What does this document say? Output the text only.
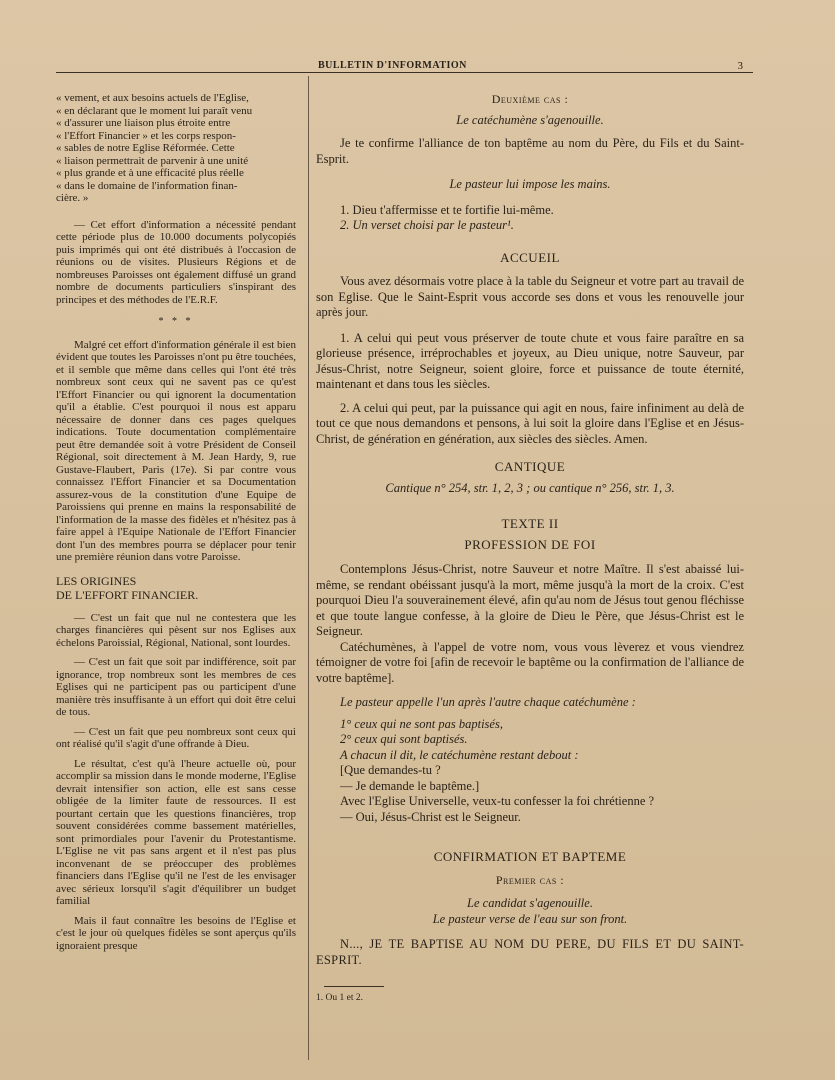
BULLETIN D'INFORMATION	3

« vement, et aux besoins actuels de l'Eglise,

« en déclarant que le moment lui paraît venu

« d'assurer une liaison plus étroite entre

« l'Effort Financier » et les corps respon-

« sables de notre Eglise Réformée. Cette

« liaison permettrait de parvenir à une unité

« plus grande et à une efficacité plus réelle

« dans le domaine de l'information finan-

cière. »

— Cet effort d'information a nécessité pendant cette période plus de 10.000 documents polycopiés puis imprimés qui ont été distribués à l'occasion de réunions ou de visites. Plusieurs Régions et de nombreuses Paroisses ont également diffusé un grand nombre de documents particuliers s'inspirant des principes et des méthodes de l'E.R.F.

* * *

Malgré cet effort d'information générale il est bien évident que toutes les Paroisses n'ont pu être touchées, et il semble que même dans celles qui l'ont été très nombreux sont ceux qui ne savent pas ce qu'est l'Effort Financier ou qui ignorent la documentation qu'il a établie. C'est pourquoi il nous est apparu nécessaire de donner dans ces pages quelques indications. Toute documentation complémentaire peut être demandée soit à votre Président de Conseil Régional, soit directement à M. Jean Hardy, 9, rue Gustave-Flaubert, Paris (17e). Si par contre vous connaissez l'Effort Financier et sa Documentation assurez-vous de la constitution d'une Equipe de Paroissiens qui prenne en mains la responsabilité de l'information de la masse des fidèles et n'hésitez pas à faire appel à l'Equipe Nationale de l'Effort Financier dont l'un des membres pourra se déplacer pour tenir une première réunion dans votre Paroisse.

LES ORIGINES
DE L'EFFORT FINANCIER.

— C'est un fait que nul ne contestera que les charges financières qui pèsent sur nos Eglises aux échelons Paroissial, Régional, National, sont lourdes.

— C'est un fait que soit par indifférence, soit par ignorance, trop nombreux sont les membres de ces Eglises qui ne participent pas ou participent d'une manière très insuffisante à un effort qui doit être celui de tous.

— C'est un fait que peu nombreux sont ceux qui ont réalisé qu'il s'agit d'une offrande à Dieu.

Le résultat, c'est qu'à l'heure actuelle où, pour accomplir sa mission dans le monde moderne, l'Eglise devrait intensifier son action, elle est sans cesse obligée de la limiter faute de ressources. Il est pourtant certain que les questions financières, trop souvent considérées comme bassement matérielles, sont primordiales pour l'avenir du Protestantisme. L'Eglise ne vit pas sans argent et il n'est pas plus inconvenant de se préoccuper des problèmes financiers dans l'Eglise qu'il ne l'est de les envisager avec sérieux lorsqu'il s'agit d'équilibrer un budget familial

Mais il faut connaître les besoins de l'Eglise et c'est le jour où quelques fidèles se sont aperçus qu'ils ignoraient presque

Deuxième cas :

Le catéchumène s'agenouille.

Je te confirme l'alliance de ton baptême au nom du Père, du Fils et du Saint-Esprit.

Le pasteur lui impose les mains.

1. Dieu t'affermisse et te fortifie lui-même.

2. Un verset choisi par le pasteur¹.

ACCUEIL

Vous avez désormais votre place à la table du Seigneur et votre part au travail de son Eglise. Que le Saint-Esprit vous accorde ses dons et vous les renouvelle jour après jour.

1. A celui qui peut vous préserver de toute chute et vous faire paraître en sa glorieuse présence, irréprochables et joyeux, au Dieu unique, notre Sauveur, par Jésus-Christ, notre Seigneur, soient gloire, force et puissance de toute éternité, maintenant et dans tous les siècles.

2. A celui qui peut, par la puissance qui agit en nous, faire infiniment au delà de tout ce que nous demandons et pensons, à lui soit la gloire dans l'Eglise et en Jésus-Christ, de génération en génération, aux siècles des siècles. Amen.

CANTIQUE

Cantique n° 254, str. 1, 2, 3 ; ou cantique n° 256, str. 1, 3.

TEXTE II

PROFESSION DE FOI

Contemplons Jésus-Christ, notre Sauveur et notre Maître. Il s'est abaissé lui-même, se rendant obéissant jusqu'à la mort, même jusqu'à la mort de la croix. C'est pourquoi Dieu l'a souverainement élevé, afin qu'au nom de Jésus tout genou fléchisse et que toute langue confesse, à la gloire de Dieu le Père, que Jésus-Christ est le Seigneur.

Catéchumènes, à l'appel de votre nom, vous vous lèverez et vous viendrez témoigner de votre foi [afin de recevoir le baptême ou la confirmation de l'alliance de votre baptême].

Le pasteur appelle l'un après l'autre chaque catéchumène :

1° ceux qui ne sont pas baptisés,

2° ceux qui sont baptisés.

A chacun il dit, le catéchumène restant debout :

[Que demandes-tu ?

— Je demande le baptême.]

Avec l'Eglise Universelle, veux-tu confesser la foi chrétienne ?

— Oui, Jésus-Christ est le Seigneur.

CONFIRMATION ET BAPTEME

Premier cas :

Le candidat s'agenouille.

Le pasteur verse de l'eau sur son front.

N..., JE TE BAPTISE AU NOM DU PERE, DU FILS ET DU SAINT-ESPRIT.

1. Ou 1 et 2.
